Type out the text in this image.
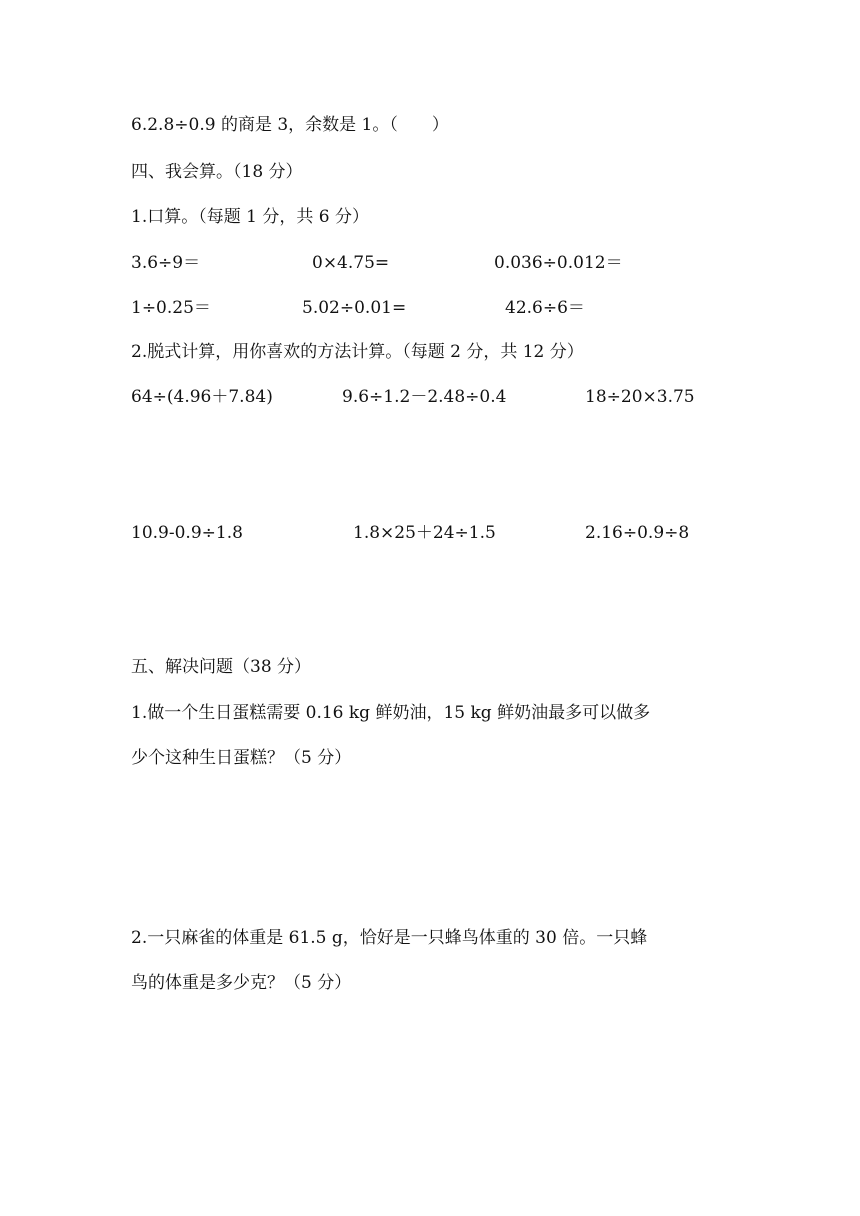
6.2.8÷0.9 的商是 3，余数是 1。（　　）
四、我会算。（18 分）
1.口算。（每题 1 分，共 6 分）
3.6÷9＝	0×4.75=	0.036÷0.012＝
1÷0.25＝	5.02÷0.01=	42.6÷6＝
2.脱式计算，用你喜欢的方法计算。（每题 2 分，共 12 分）
64÷(4.96＋7.84)	9.6÷1.2－2.48÷0.4	18÷20×3.75
10.9-0.9÷1.8	1.8×25＋24÷1.5	2.16÷0.9÷8
五、解决问题（38 分）
1.做一个生日蛋糕需要 0.16 kg 鲜奶油，15 kg 鲜奶油最多可以做多
少个这种生日蛋糕？（5 分）
2.一只麻雀的体重是 61.5 g，恰好是一只蜂鸟体重的 30 倍。一只蜂
鸟的体重是多少克？（5 分）
